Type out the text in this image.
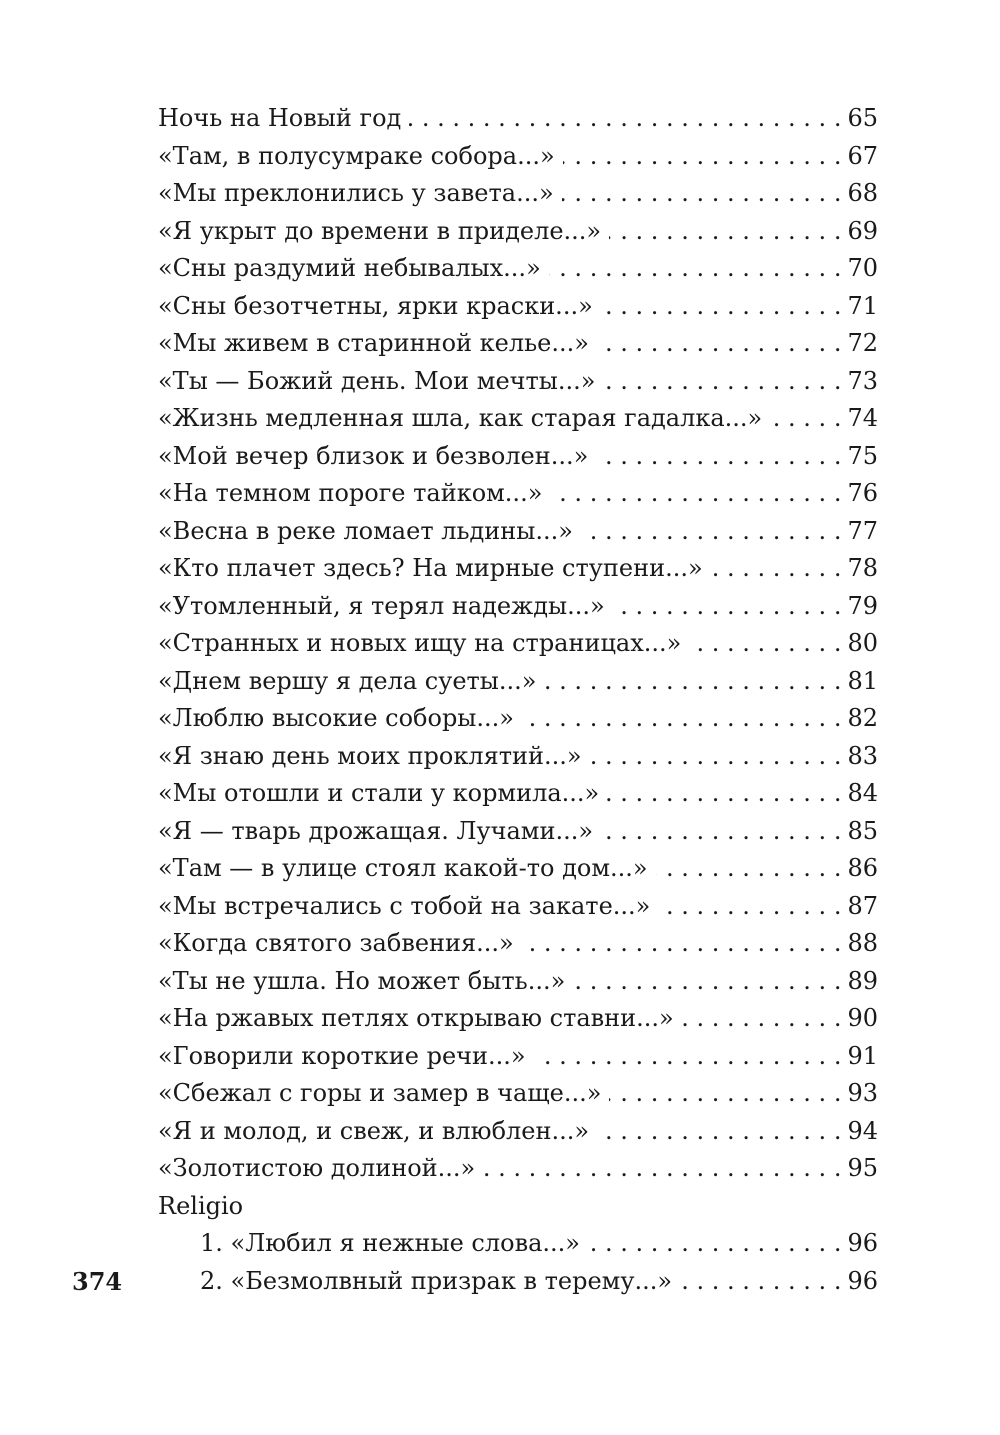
Ночь на Новый год . . .	65
«Там, в полусумраке собора...» . . .	67
«Мы преклонились у завета...» . . .	68
«Я укрыт до времени в приделе...» . . .	69
«Сны раздумий небывалых...» . . .	70
«Сны безотчетны, ярки краски...» . . .	71
«Мы живем в старинной келье...» . . .	72
«Ты — Божий день. Мои мечты...» . . .	73
«Жизнь медленная шла, как старая гадалка...» . . .	74
«Мой вечер близок и безволен...» . . .	75
«На темном пороге тайком...» . . .	76
«Весна в реке ломает льдины...» . . .	77
«Кто плачет здесь? На мирные ступени...» . . .	78
«Утомленный, я терял надежды...» . . .	79
«Странных и новых ищу на страницах...» . . .	80
«Днем вершу я дела суеты...» . . .	81
«Люблю высокие соборы...» . . .	82
«Я знаю день моих проклятий...» . . .	83
«Мы отошли и стали у кормила...» . . .	84
«Я — тварь дрожащая. Лучами...» . . .	85
«Там — в улице стоял какой-то дом...» . . .	86
«Мы встречались с тобой на закате...» . . .	87
«Когда святого забвения...» . . .	88
«Ты не ушла. Но может быть...» . . .	89
«На ржавых петлях открываю ставни...» . . .	90
«Говорили короткие речи...» . . .	91
«Сбежал с горы и замер в чаще...» . . .	93
«Я и молод, и свеж, и влюблен...» . . .	94
«Золотистою долиной...» . . .	95
Religio
1. «Любил я нежные слова...» . . .	96
2. «Безмолвный призрак в терему...» . . .	96
374
